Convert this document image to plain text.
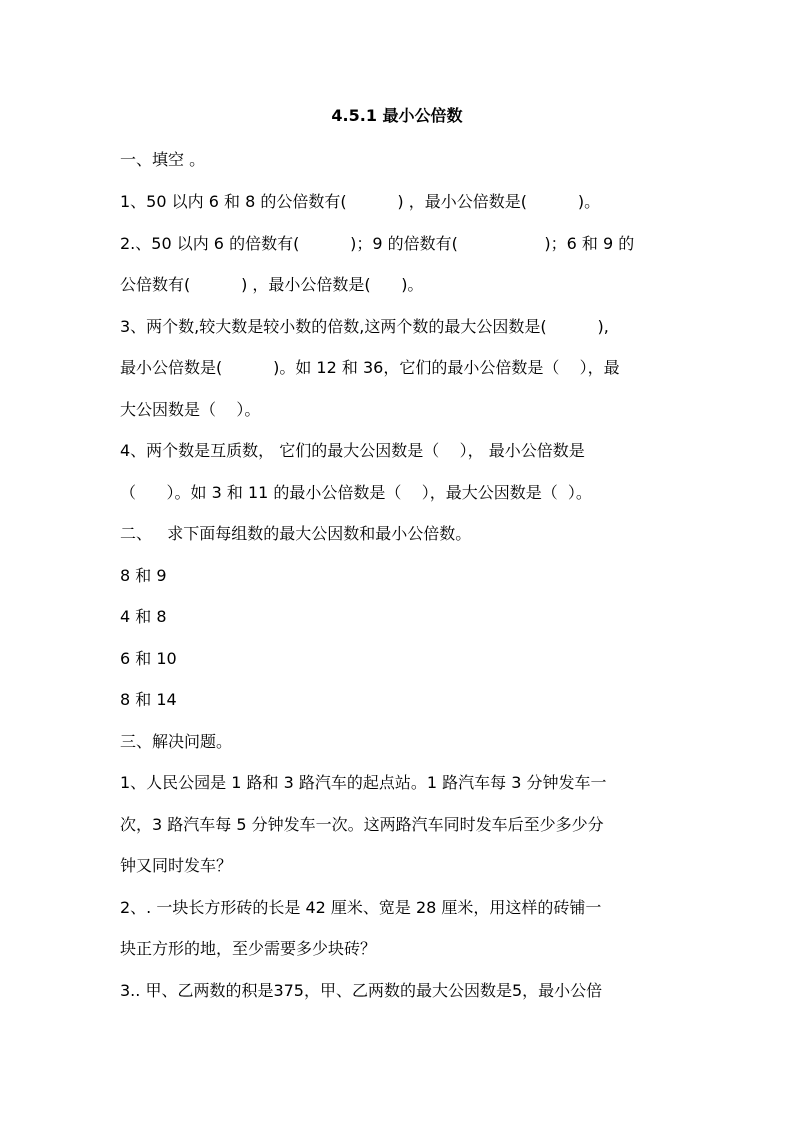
4.5.1 最小公倍数
一、填空 。
1、50 以内 6 和 8 的公倍数有(          ) ，最小公倍数是(          )。
2.、50 以内 6 的倍数有(          )；9 的倍数有(                 )；6 和 9 的
公倍数有(          ) ，最小公倍数是(      )。
3、两个数,较大数是较小数的倍数,这两个数的最大公因数是(          ),
最小公倍数是(          )。如 12 和 36，它们的最小公倍数是（    ），最
大公因数是（    ）。
4、两个数是互质数， 它们的最大公因数是（    ）， 最小公倍数是
（      ）。如 3 和 11 的最小公倍数是（    ），最大公因数是（  ）。
二、   求下面每组数的最大公因数和最小公倍数。
8 和 9
4 和 8
6 和 10
8 和 14
三、解决问题。
1、人民公园是 1 路和 3 路汽车的起点站。1 路汽车每 3 分钟发车一
次，3 路汽车每 5 分钟发车一次。这两路汽车同时发车后至少多少分
钟又同时发车？
2、. 一块长方形砖的长是 42 厘米、宽是 28 厘米，用这样的砖铺一
块正方形的地，至少需要多少块砖？
3.. 甲、乙两数的积是375，甲、乙两数的最大公因数是5，最小公倍
